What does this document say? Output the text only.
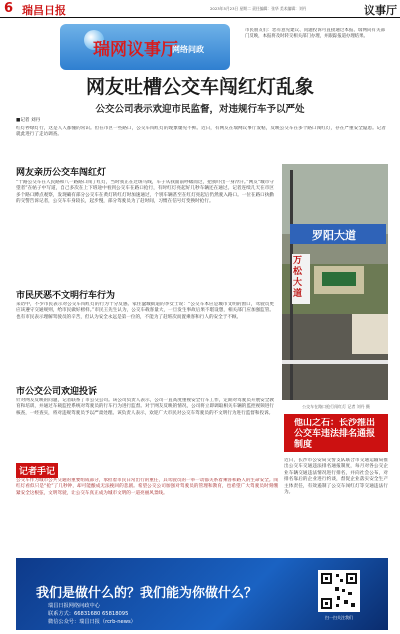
6 瑞昌日报	2023年5月23日 星期二 责任编辑：张华 美术编辑：刘丹	议事厅
瑞网议事厅
网络问政
市民朋友们：您有意见建议、问题投诉可直接通过本报、瑞网向有关部门反映，本报将及时转交相关部门办理，并跟踪报道办理结果。
网友吐槽公交车闯红灯乱象
公交公司表示欢迎市民监督，对违规行车予以严处
■记者 刘丹
红灯停绿灯行，这是人人都懂的常识。但在市区一些路口，公交车闯红灯的现象屡见不鲜。近日，有网友在瑞网议事厅发帖，反映公交车在多个路口闯红灯，存在严重安全隐患。记者就此进行了走访调查。
网友亲历公交车闯红灯
“十路公交车在人民路和八一路路口闯了红灯，当时我正在过斑马线，车子从我面前呼啸而过，把我吓出一身冷汗。”网友“城市守望者”在帖子中写道，自己多次在上下班途中看到公交车在路口抢行，有时红灯亮起好几秒车辆还在通过。记者连续几天在市区多个路口蹲点观察，发现确有部分公交车在黄灯转红灯时加速通过，个别车辆甚至在红灯亮起后仍然驶入路口。一位在路口执勤的交警告诉记者，公交车车身较长，起步慢，部分驾驶员为了赶时间，习惯在信号灯变换时抢行。
市民厌恶不文明行车行为
采访中，不少市民表示对公交车闯红灯的行为十分反感。家住湓城街道的李女士说：“公交车本应是城市文明的窗口，驾驶员更应该遵守交通规则，给市民做好榜样。”市民王先生认为，公交车载客量大，一旦发生事故后果不堪设想，相关部门应加强监管。也有市民表示理解驾驶员的辛苦，但认为安全永远是第一位的，不能为了赶班次而置乘客和行人的安全于不顾。
市公交公司欢迎投诉
针对网友反映的问题，记者联系了市公交公司。该公司负责人表示，公司一直高度重视安全行车工作，定期对驾驶员开展安全教育和培训，并通过车载监控系统对驾驶员的行车行为进行监督。对于网友反映的情况，公司将立即调取相关车辆的监控视频进行核查，一经查实，将对违规驾驶员予以严肃处理。该负责人表示，欢迎广大市民对公交车驾驶员的不文明行为进行监督和投诉。
罗阳大道
万松大道
公交车在路口抢行闯红灯 记者 刘丹 摄
他山之石：长沙推出公交车违法排名通报制度
近日，长沙市公安局交警支队联合市交通运输局推出公交车交通违法排名通报制度，每月对各公交企业车辆交通违法情况进行排名，并向社会公布，对排名靠后的企业进行约谈，督促企业落实安全生产主体责任，有效遏制了公交车闯红灯等交通违法行为。
记者手记
公交车作为城市公共交通的重要组成部分，承担着市民日常出行的重任，其驾驶员的一举一动都关系着乘客和路人的生命安全。闯红灯看似只是“抢”了几秒钟，却可能酿成无法挽回的悲剧。希望公交公司加强对驾驶员的管理和教育，也希望广大驾驶员时刻绷紧安全这根弦，文明驾驶，让公交车真正成为城市文明的一道亮丽风景线。
我们是做什么的？我们能为你做什么？
瑞昌日报网络问政中心
联系方式：66831680 65818095
微信公众号：瑞昌日报（rcrb-news）
扫一扫关注我们
